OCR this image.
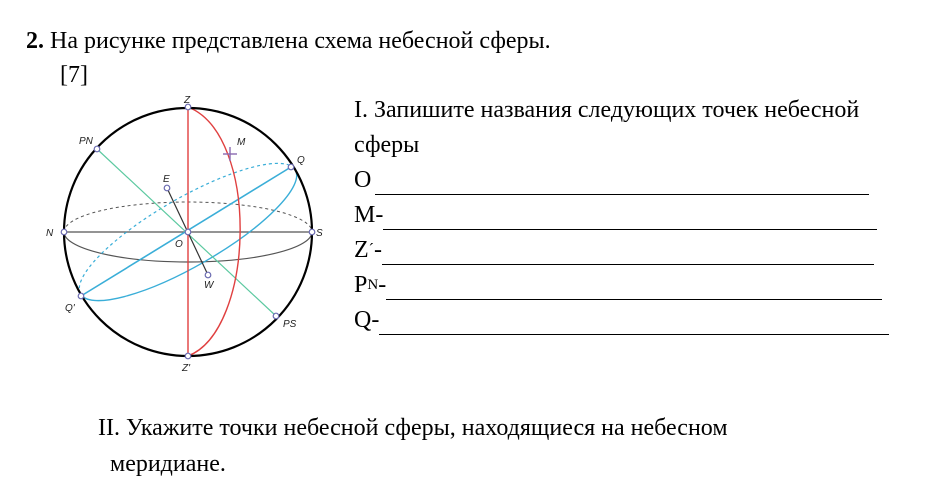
2. На рисунке представлена схема небесной сферы.
[7]
Z
Z'
N	S
O
E
W
M
Q
Q'
PN
PS
I. Запишите названия следующих точек небесной
сферы
O
M-
Z ´ -
P N -
Q-
II. Укажите точки небесной сферы, находящиеся на небесном
меридиане.
